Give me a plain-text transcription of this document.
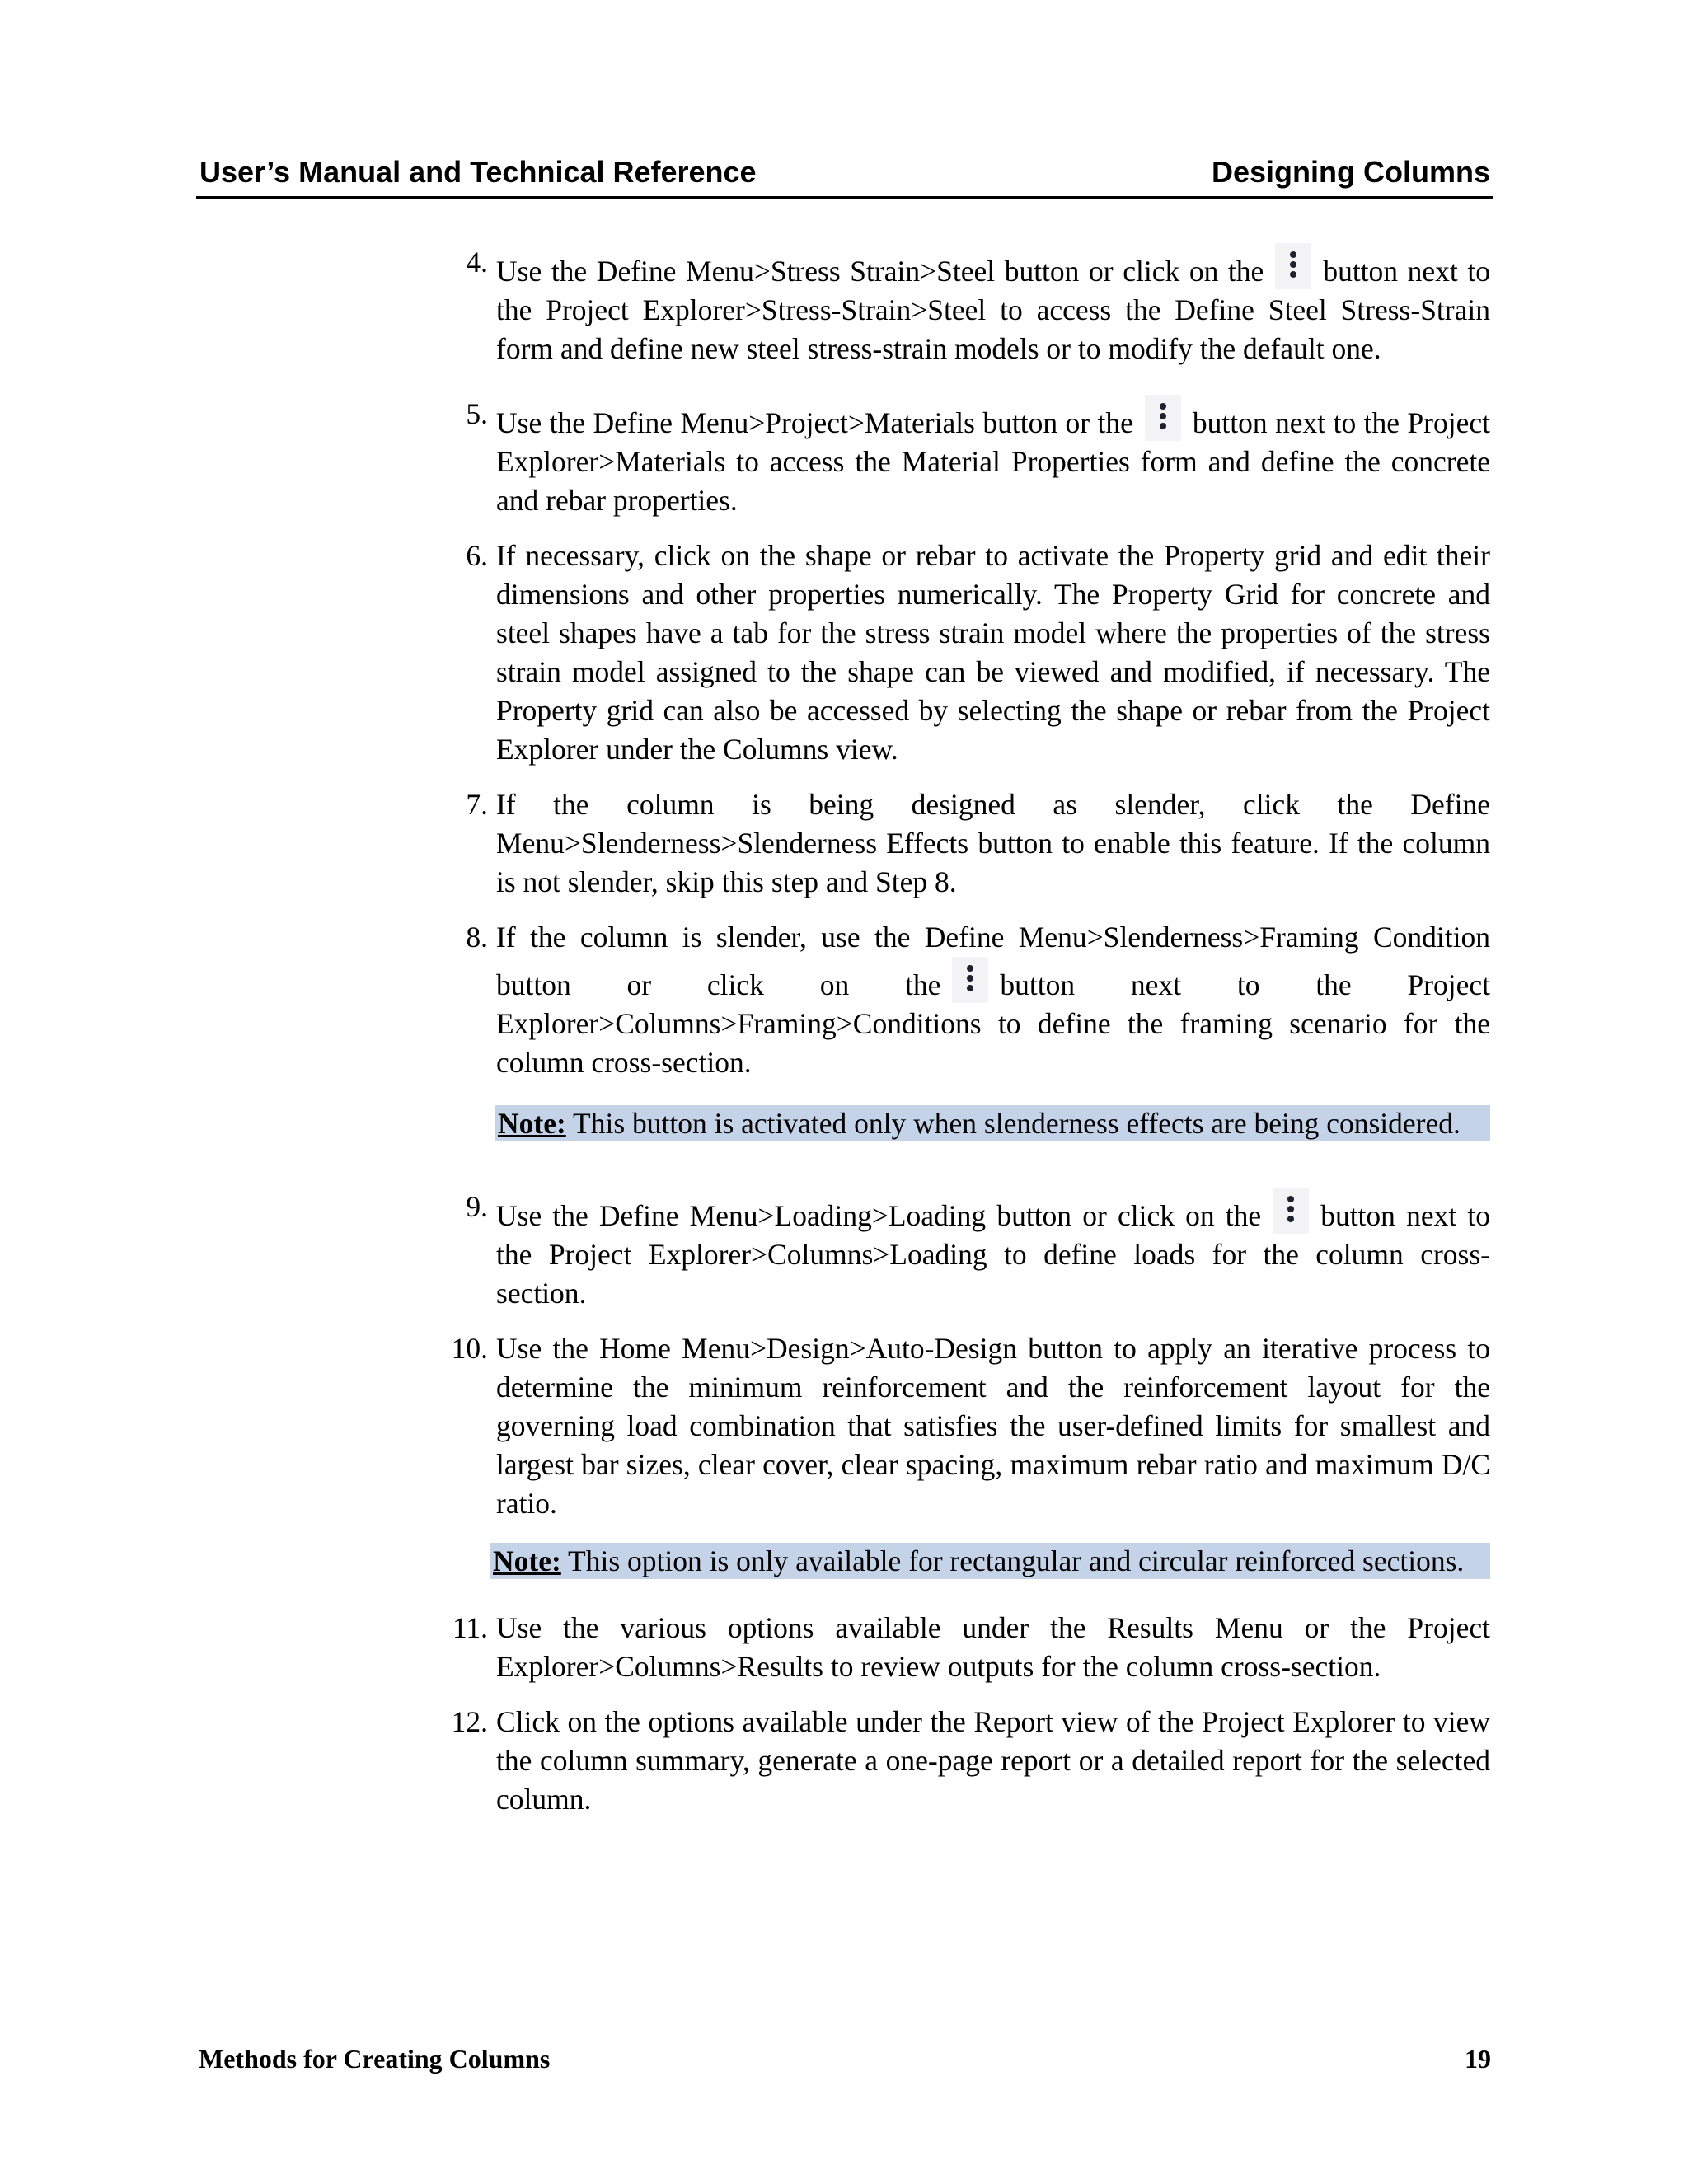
User’s Manual and Technical Reference	Designing Columns
4. Use the Define Menu>Stress Strain>Steel button or click on the button next to the Project Explorer>Stress-Strain>Steel to access the Define Steel Stress-Strain form and define new steel stress-strain models or to modify the default one.
5. Use the Define Menu>Project>Materials button or the button next to the Project Explorer>Materials to access the Material Properties form and define the concrete and rebar properties.
6. If necessary, click on the shape or rebar to activate the Property grid and edit their dimensions and other properties numerically. The Property Grid for concrete and steel shapes have a tab for the stress strain model where the properties of the stress strain model assigned to the shape can be viewed and modified, if necessary. The Property grid can also be accessed by selecting the shape or rebar from the Project Explorer under the Columns view.
7. If the column is being designed as slender, click the Define Menu>Slenderness>Slenderness Effects button to enable this feature. If the column is not slender, skip this step and Step 8.
8. If the column is slender, use the Define Menu>Slenderness>Framing Condition button or click on the button next to the Project Explorer>Columns>Framing>Conditions to define the framing scenario for the column cross-section.
Note: This button is activated only when slenderness effects are being considered.
9. Use the Define Menu>Loading>Loading button or click on the button next to the Project Explorer>Columns>Loading to define loads for the column cross-section.
10. Use the Home Menu>Design>Auto-Design button to apply an iterative process to determine the minimum reinforcement and the reinforcement layout for the governing load combination that satisfies the user-defined limits for smallest and largest bar sizes, clear cover, clear spacing, maximum rebar ratio and maximum D/C ratio.
Note: This option is only available for rectangular and circular reinforced sections.
11. Use the various options available under the Results Menu or the Project Explorer>Columns>Results to review outputs for the column cross-section.
12. Click on the options available under the Report view of the Project Explorer to view the column summary, generate a one-page report or a detailed report for the selected column.
Methods for Creating Columns	19
